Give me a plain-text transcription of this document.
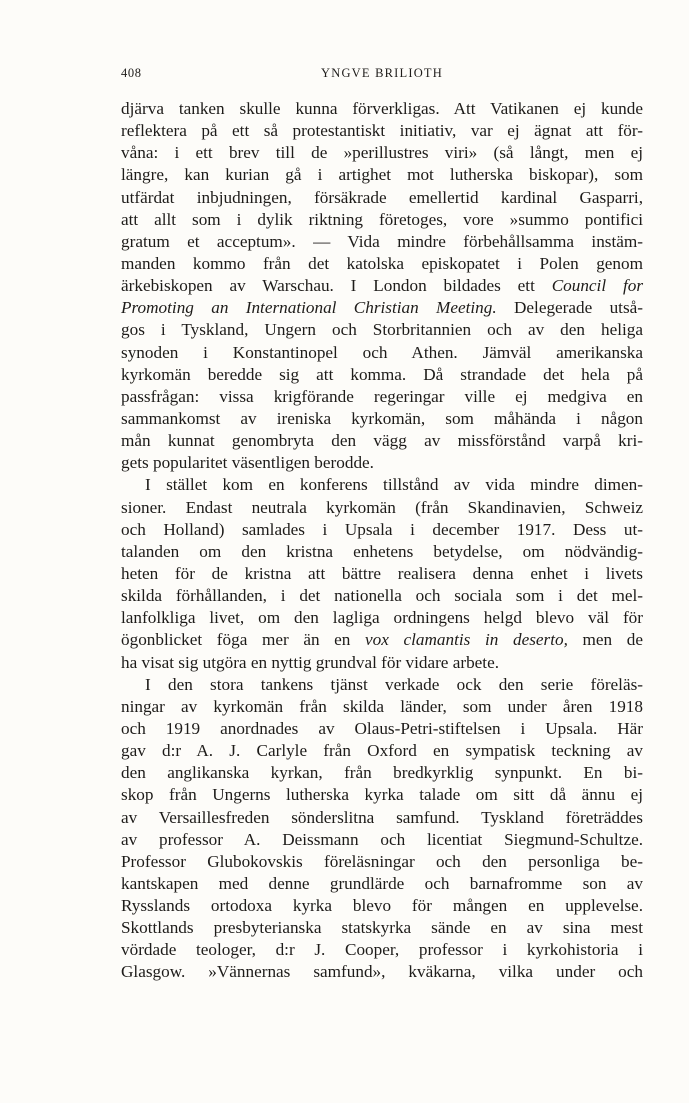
408	YNGVE BRILIOTH
djärva tanken skulle kunna förverkligas. Att Vatikanen ej kunde
reflektera på ett så protestantiskt initiativ, var ej ägnat att för-
våna: i ett brev till de »perillustres viri» (så långt, men ej
längre, kan kurian gå i artighet mot lutherska biskopar), som
utfärdat inbjudningen, försäkrade emellertid kardinal Gasparri,
att allt som i dylik riktning företoges, vore »summo pontifici
gratum et acceptum». — Vida mindre förbehållsamma instäm-
manden kommo från det katolska episkopatet i Polen genom
ärkebiskopen av Warschau. I London bildades ett Council for
Promoting an International Christian Meeting. Delegerade utså-
gos i Tyskland, Ungern och Storbritannien och av den heliga
synoden i Konstantinopel och Athen. Jämväl amerikanska
kyrkomän beredde sig att komma. Då strandade det hela på
passfrågan: vissa krigförande regeringar ville ej medgiva en
sammankomst av ireniska kyrkomän, som måhända i någon
mån kunnat genombryta den vägg av missförstånd varpå kri-
gets popularitet väsentligen berodde.
I stället kom en konferens tillstånd av vida mindre dimen-
sioner. Endast neutrala kyrkomän (från Skandinavien, Schweiz
och Holland) samlades i Upsala i december 1917. Dess ut-
talanden om den kristna enhetens betydelse, om nödvändig-
heten för de kristna att bättre realisera denna enhet i livets
skilda förhållanden, i det nationella och sociala som i det mel-
lanfolkliga livet, om den lagliga ordningens helgd blevo väl för
ögonblicket föga mer än en vox clamantis in deserto, men de
ha visat sig utgöra en nyttig grundval för vidare arbete.
I den stora tankens tjänst verkade ock den serie föreläs-
ningar av kyrkomän från skilda länder, som under åren 1918
och 1919 anordnades av Olaus-Petri-stiftelsen i Upsala. Här
gav d:r A. J. Carlyle från Oxford en sympatisk teckning av
den anglikanska kyrkan, från bredkyrklig synpunkt. En bi-
skop från Ungerns lutherska kyrka talade om sitt då ännu ej
av Versaillesfreden sönderslitna samfund. Tyskland företräddes
av professor A. Deissmann och licentiat Siegmund-Schultze.
Professor Glubokovskis föreläsningar och den personliga be-
kantskapen med denne grundlärde och barnafromme son av
Rysslands ortodoxa kyrka blevo för mången en upplevelse.
Skottlands presbyterianska statskyrka sände en av sina mest
vördade teologer, d:r J. Cooper, professor i kyrkohistoria i
Glasgow. »Vännernas samfund», kväkarna, vilka under och
